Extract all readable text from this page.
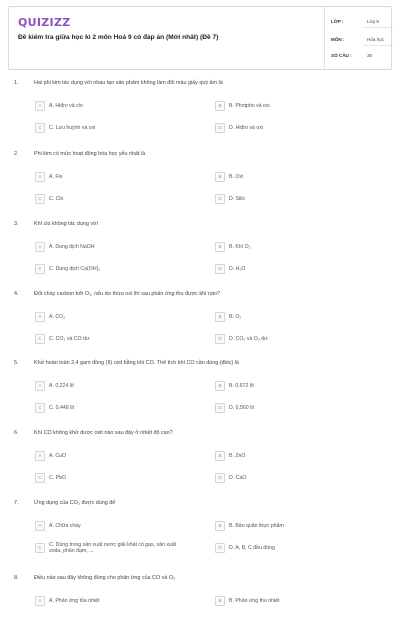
QUIZIZZ
Đề kiểm tra giữa học kì 2 môn Hoá 9 có đáp án (Mới nhất) (Đề 7)
LỚP :	Lớp 9
MÔN :	Hóa học
SỐ CÂU :	30
1.	Hai phi kim tác dụng với nhau tạo sản phẩm không làm đổi màu giấy quỳ ẩm là
A	A. Hiđro và clo	B	B. Photpho và oxi
C	C. Lưu huỳnh và oxi	D	D. Hiđro và oxi
2.	Phi kim có mức hoạt động hóa học yếu nhất là
A	A. Flo	B	B. Oxi
C	C. Clo	D	D. Silic
3.	Khí clo không tác dụng với
A	A. Dung dịch NaOH	B	B. Khí O₂
C	C. Dung dịch Ca(OH)₂	D	D. H₂O
4.	Đốt cháy cacbon bởi O₂, nếu dư thừa oxi thì sau phản ứng thu được khí nào?
A	A. CO₂	B	B. O₂
C	C. CO₂ và CO dư	D	D. CO₂ và O₂ dư
5.	Khử hoàn toàn 2,4 gam đồng (II) oxit bằng khí CO. Thể tích khí CO cần dùng (đktc) là
A	A. 0,224 lít	B	B. 0,672 lít
C	C. 0,448 lít	D	D. 0,560 lít
6.	Khí CO không khử được oxit nào sau đây ở nhiệt độ cao?
A	A. CuO	B	B. ZnO
C	C. PbO	D	D. CaO
7.	Ứng dụng của CO₂ được dùng để
A	A. Chữa cháy	B	B. Bảo quản thực phẩm
C	C. Dùng trong sản xuất nước giải khát có gas, sản xuất soda, phân đạm, ...
D	D. A, B, C đều đúng
8.	Điều nào sau đây không đúng cho phản ứng của CO và O₂
A	A. Phản ứng tỏa nhiệt	B	B. Phản ứng thu nhiệt
